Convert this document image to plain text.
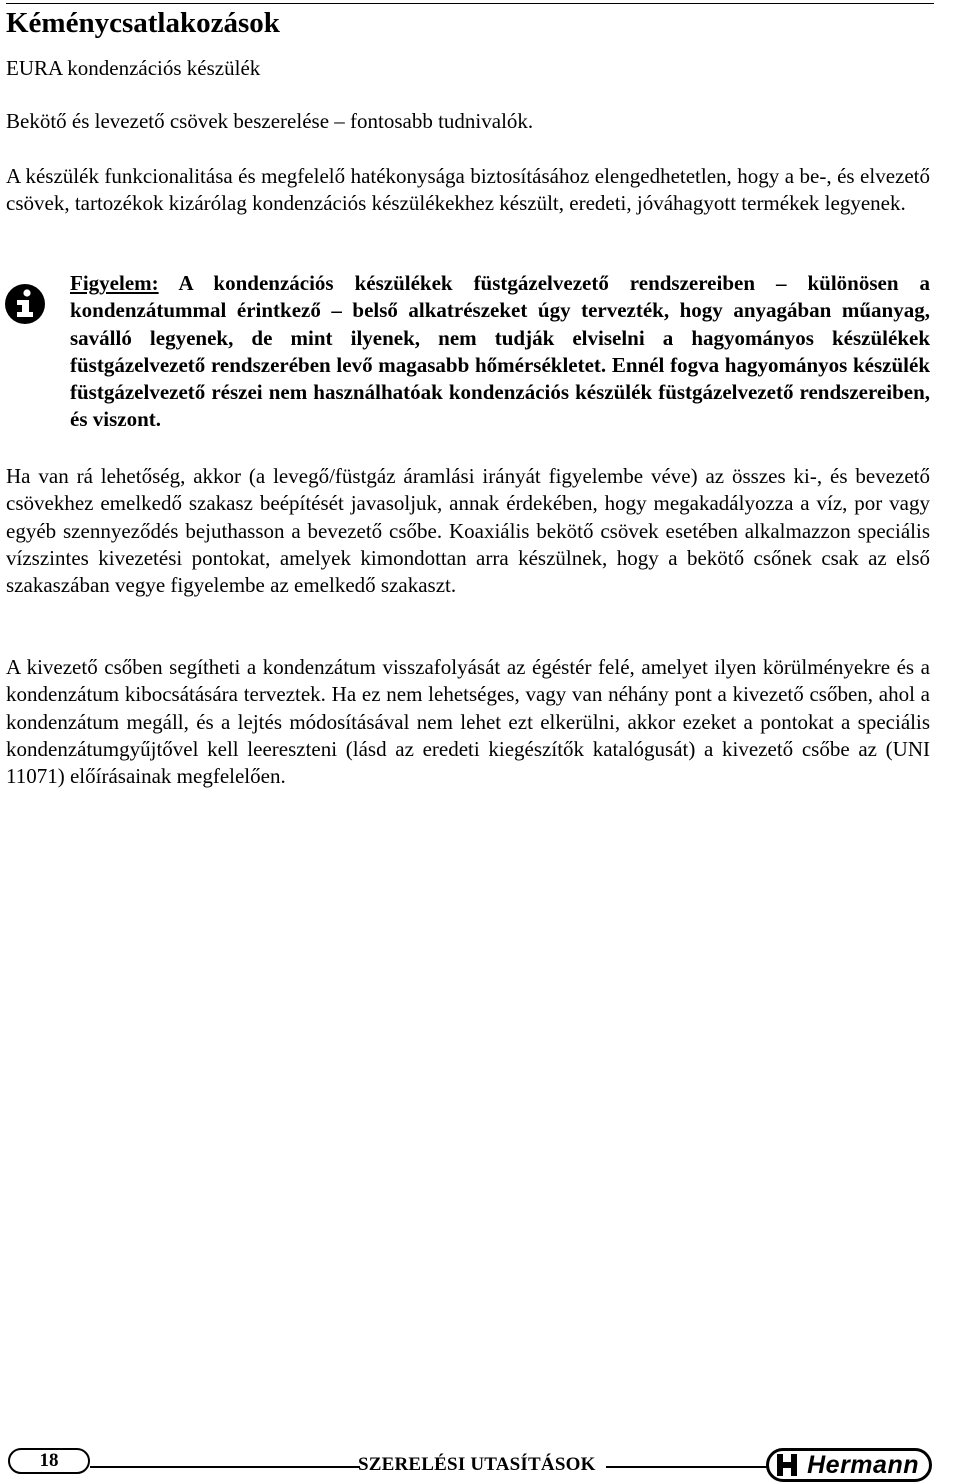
Kéménycsatlakozások
EURA kondenzációs készülék

Bekötő és levezető csövek beszerelése – fontosabb tudnivalók.

A készülék funkcionalitása és megfelelő hatékonysága biztosításához elengedhetetlen, hogy a be-, és elvezető csövek, tartozékok kizárólag kondenzációs készülékekhez készült, eredeti, jóváhagyott termékek legyenek.

Figyelem: A kondenzációs készülékek füstgázelvezető rendszereiben – különösen a kondenzátummal érintkező – belső alkatrészeket úgy tervezték, hogy anyagában műanyag, saválló legyenek, de mint ilyenek, nem tudják elviselni a hagyományos készülékek füstgázelvezető rendszerében levő magasabb hőmérsékletet. Ennél fogva hagyományos készülék füstgázelvezető részei nem használhatóak kondenzációs készülék füstgázelvezető rendszereiben, és viszont.

Ha van rá lehetőség, akkor (a levegő/füstgáz áramlási irányát figyelembe véve) az összes ki-, és bevezető csövekhez emelkedő szakasz beépítését javasoljuk, annak érdekében, hogy megakadályozza a víz, por vagy egyéb szennyeződés bejuthasson a bevezető csőbe. Koaxiális bekötő csövek esetében alkalmazzon speciális vízszintes kivezetési pontokat, amelyek kimondottan arra készülnek, hogy a bekötő csőnek csak az első szakaszában vegye figyelembe az emelkedő szakaszt.

A kivezető csőben segítheti a kondenzátum visszafolyását az égéstér felé, amelyet ilyen körülményekre és a kondenzátum kibocsátására terveztek. Ha ez nem lehetséges, vagy van néhány pont a kivezető csőben, ahol a kondenzátum megáll, és a lejtés módosításával nem lehet ezt elkerülni, akkor ezeket a pontokat a speciális kondenzátumgyűjtővel kell leereszteni (lásd az eredeti kiegészítők katalógusát) a kivezető csőbe az (UNI 11071) előírásainak megfelelően.

18	SZERELÉSI UTASÍTÁSOK	Hermann
